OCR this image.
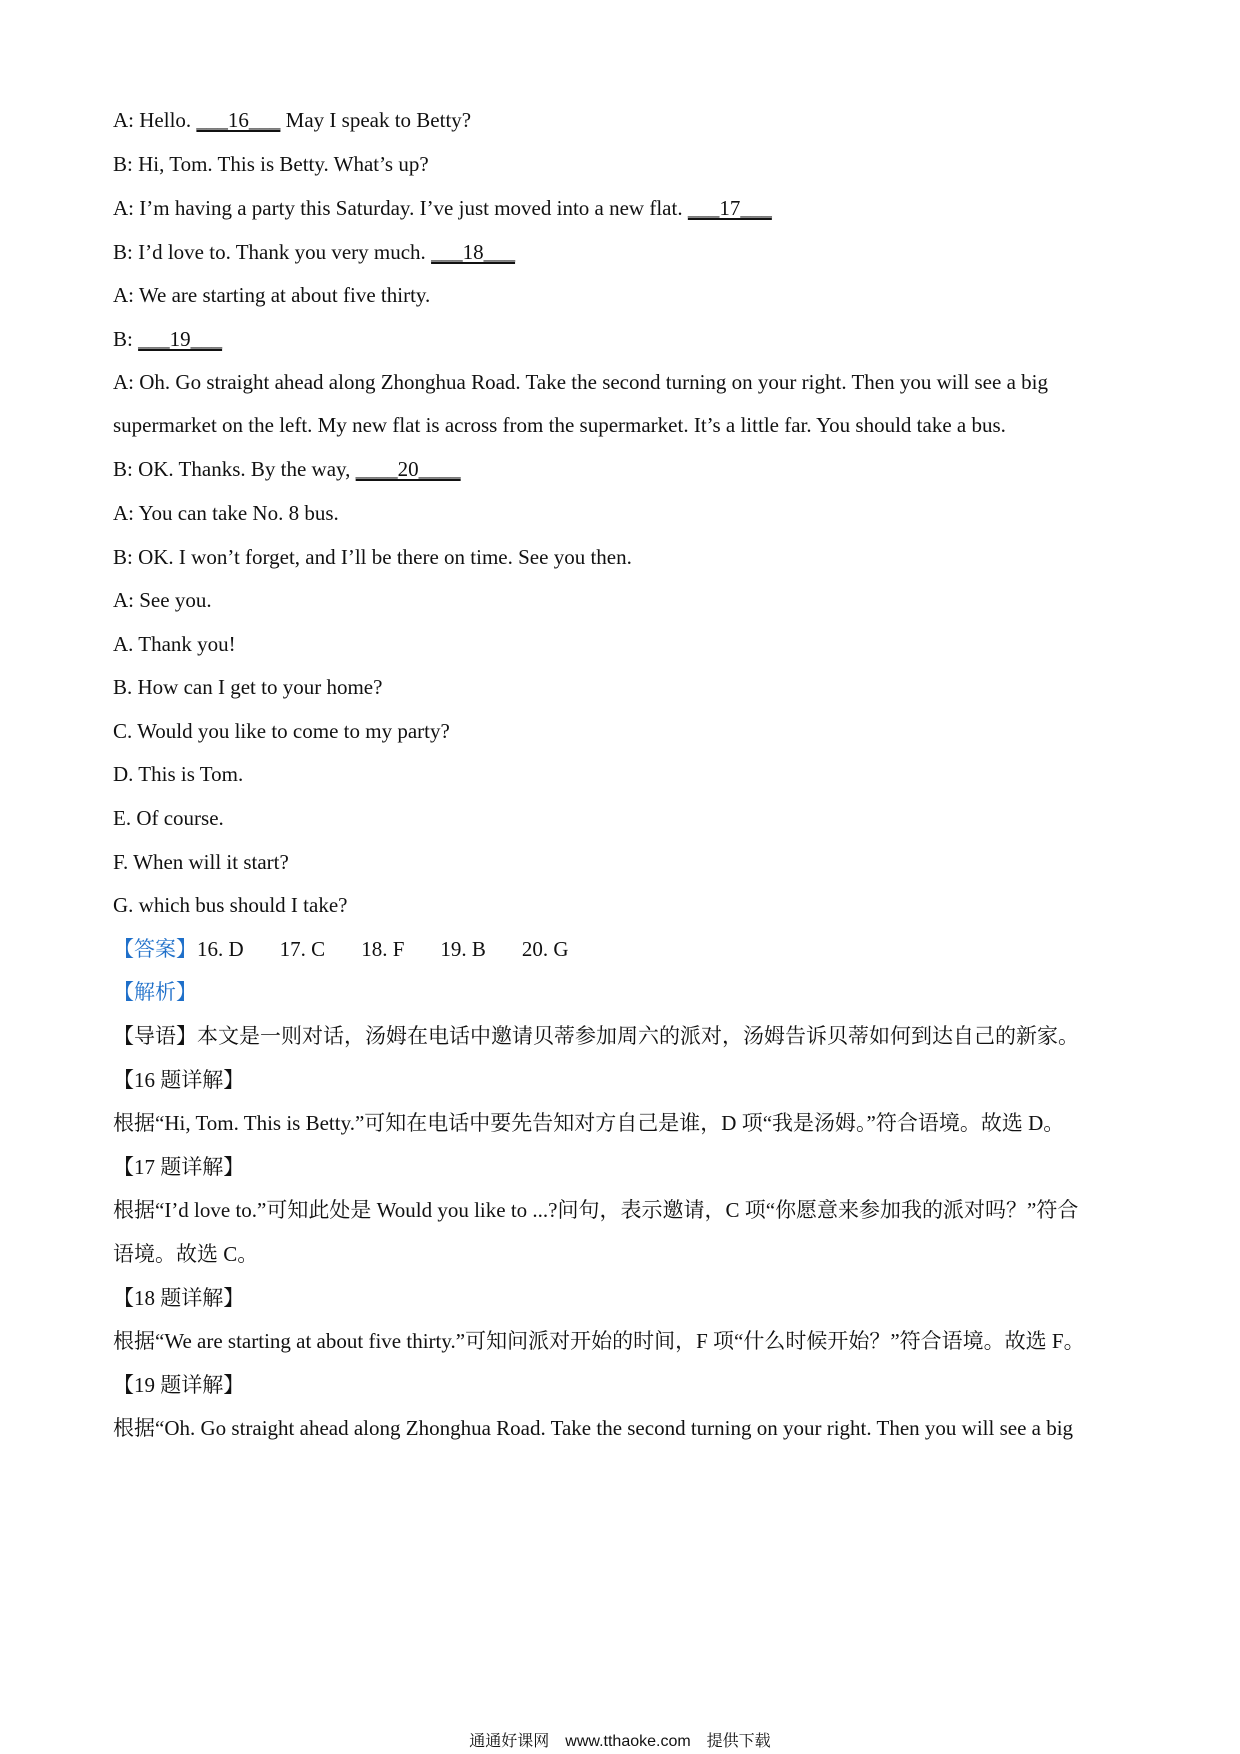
A: Hello. ___16___ May I speak to Betty?
B: Hi, Tom. This is Betty. What’s up?
A: I’m having a party this Saturday. I’ve just moved into a new flat. ___17___
B: I’d love to. Thank you very much. ___18___
A: We are starting at about five thirty.
B: ___19___
A: Oh. Go straight ahead along Zhonghua Road. Take the second turning on your right. Then you will see a big
supermarket on the left. My new flat is across from the supermarket. It’s a little far. You should take a bus.
B: OK. Thanks. By the way, ____20____
A: You can take No. 8 bus.
B: OK. I won’t forget, and I’ll be there on time. See you then.
A: See you.
A. Thank you!
B. How can I get to your home?
C. Would you like to come to my party?
D. This is Tom.
E. Of course.
F. When will it start?
G. which bus should I take?
【答案】16. D 17. C 18. F 19. B 20. G
【解析】
【导语】本文是一则对话，汤姆在电话中邀请贝蒂参加周六的派对，汤姆告诉贝蒂如何到达自己的新家。
【16 题详解】
根据“Hi, Tom. This is Betty.”可知在电话中要先告知对方自己是谁，D 项“我是汤姆。”符合语境。故选 D。
【17 题详解】
根据“I’d love to.”可知此处是 Would you like to ...?问句，表示邀请，C 项“你愿意来参加我的派对吗？”符合
语境。故选 C。
【18 题详解】
根据“We are starting at about five thirty.”可知问派对开始的时间，F 项“什么时候开始？”符合语境。故选 F。
【19 题详解】
根据“Oh. Go straight ahead along Zhonghua Road. Take the second turning on your right. Then you will see a big
通通好课网　www.tthaoke.com　提供下载
